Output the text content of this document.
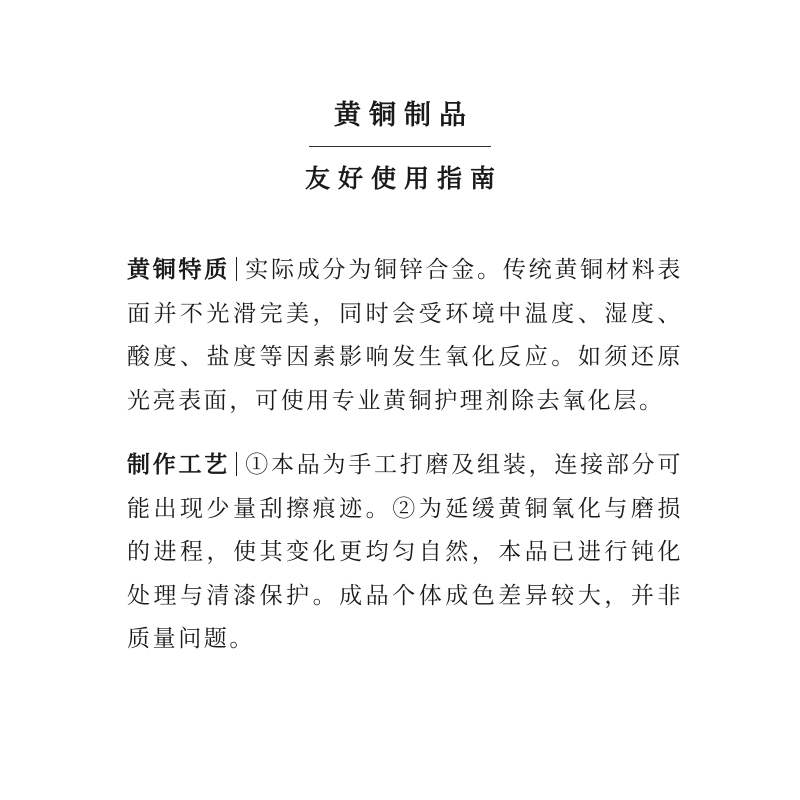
黄铜制品
友好使用指南

黄铜特质 实际成分为铜锌合金。传统黄铜材料表面并不光滑完美，同时会受环境中温度、湿度、酸度、盐度等因素影响发生氧化反应。如须还原光亮表面，可使用专业黄铜护理剂除去氧化层。

制作工艺 ①本品为手工打磨及组装，连接部分可能出现少量刮擦痕迹。②为延缓黄铜氧化与磨损的进程，使其变化更均匀自然，本品已进行钝化处理与清漆保护。成品个体成色差异较大，并非质量问题。
